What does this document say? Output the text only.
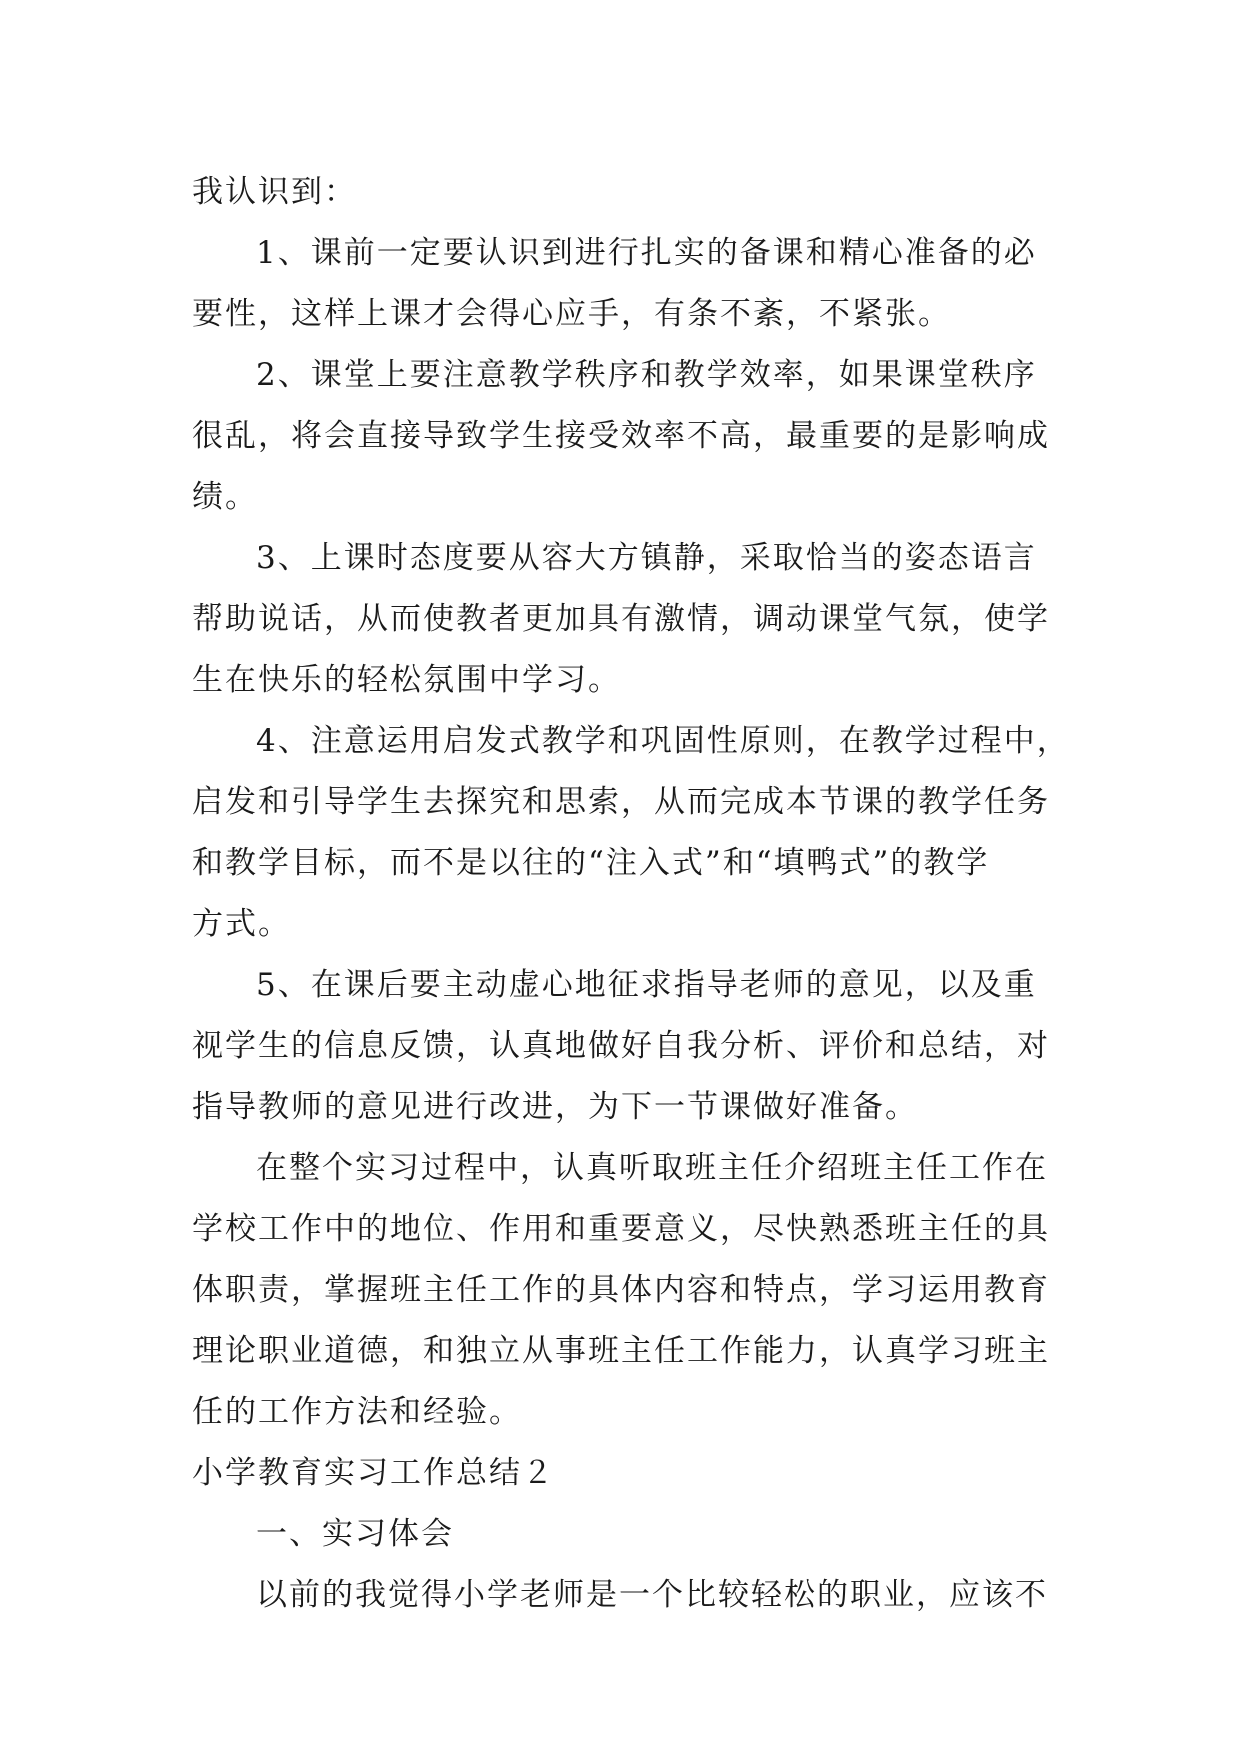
我认识到：
1、课前一定要认识到进行扎实的备课和精心准备的必
要性，这样上课才会得心应手，有条不紊，不紧张。
2、课堂上要注意教学秩序和教学效率，如果课堂秩序
很乱，将会直接导致学生接受效率不高，最重要的是影响成
绩。
3、上课时态度要从容大方镇静，采取恰当的姿态语言
帮助说话，从而使教者更加具有激情，调动课堂气氛，使学
生在快乐的轻松氛围中学习。
4、注意运用启发式教学和巩固性原则，在教学过程中，
启发和引导学生去探究和思索，从而完成本节课的教学任务
和教学目标，而不是以往的“注入式”和“填鸭式”的教学
方式。
5、在课后要主动虚心地征求指导老师的意见，以及重
视学生的信息反馈，认真地做好自我分析、评价和总结，对
指导教师的意见进行改进，为下一节课做好准备。
在整个实习过程中，认真听取班主任介绍班主任工作在
学校工作中的地位、作用和重要意义，尽快熟悉班主任的具
体职责，掌握班主任工作的具体内容和特点，学习运用教育
理论职业道德，和独立从事班主任工作能力，认真学习班主
任的工作方法和经验。
小学教育实习工作总结２
一、实习体会
以前的我觉得小学老师是一个比较轻松的职业，应该不
